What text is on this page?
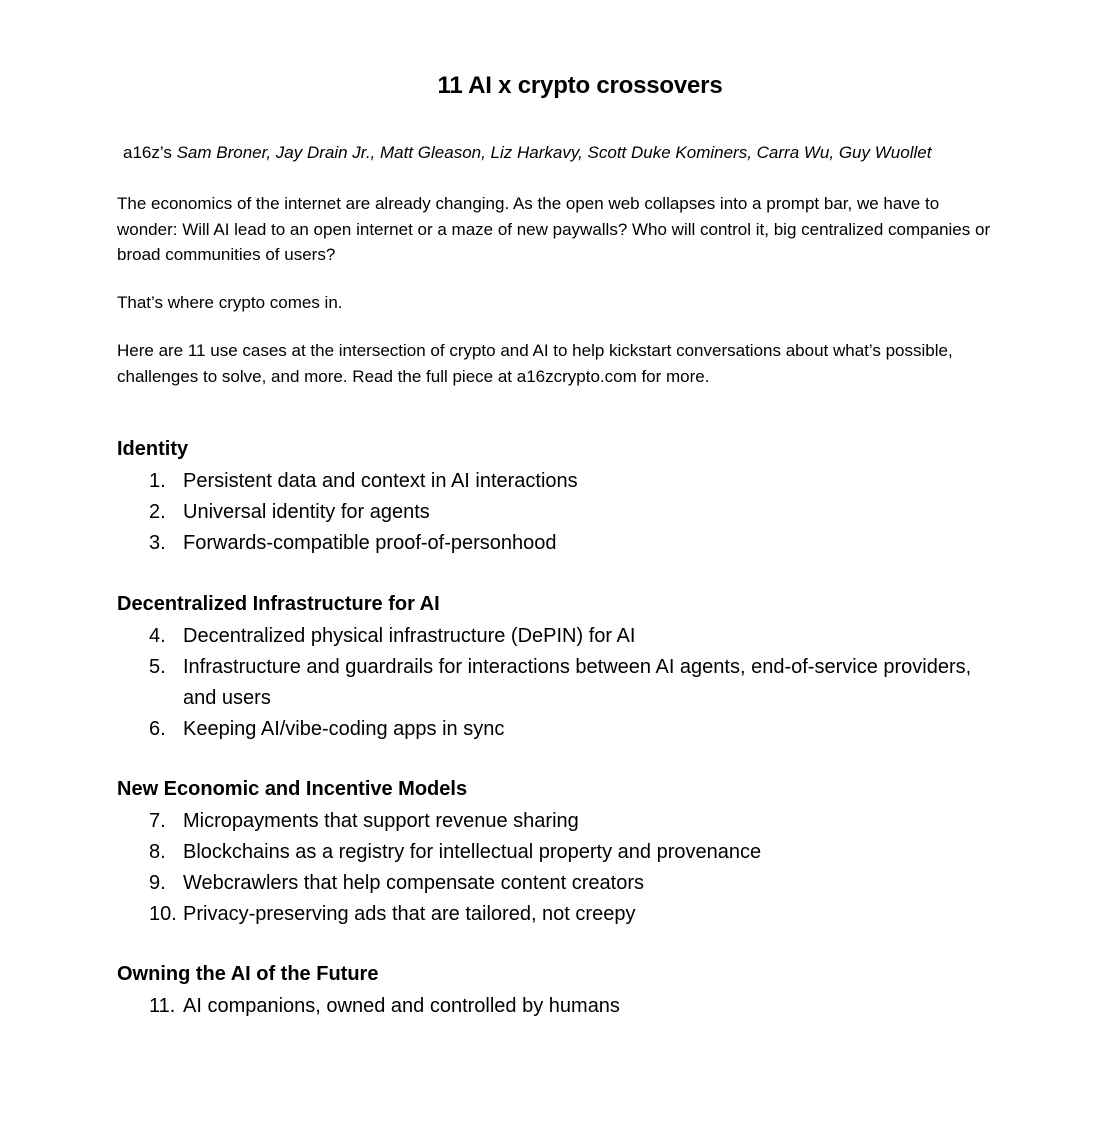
11 AI x crypto crossovers

a16z’s Sam Broner, Jay Drain Jr., Matt Gleason, Liz Harkavy, Scott Duke Kominers, Carra Wu, Guy Wuollet

The economics of the internet are already changing. As the open web collapses into a prompt bar, we have to wonder: Will AI lead to an open internet or a maze of new paywalls? Who will control it, big centralized companies or broad communities of users?

That’s where crypto comes in.

Here are 11 use cases at the intersection of crypto and AI to help kickstart conversations about what’s possible, challenges to solve, and more. Read the full piece at a16zcrypto.com for more.

Identity
1. Persistent data and context in AI interactions
2. Universal identity for agents
3. Forwards-compatible proof-of-personhood
Decentralized Infrastructure for AI
4. Decentralized physical infrastructure (DePIN) for AI
5. Infrastructure and guardrails for interactions between AI agents, end-of-service providers, and users
6. Keeping AI/vibe-coding apps in sync
New Economic and Incentive Models
7. Micropayments that support revenue sharing
8. Blockchains as a registry for intellectual property and provenance
9. Webcrawlers that help compensate content creators
10. Privacy-preserving ads that are tailored, not creepy
Owning the AI of the Future
11. AI companions, owned and controlled by humans
